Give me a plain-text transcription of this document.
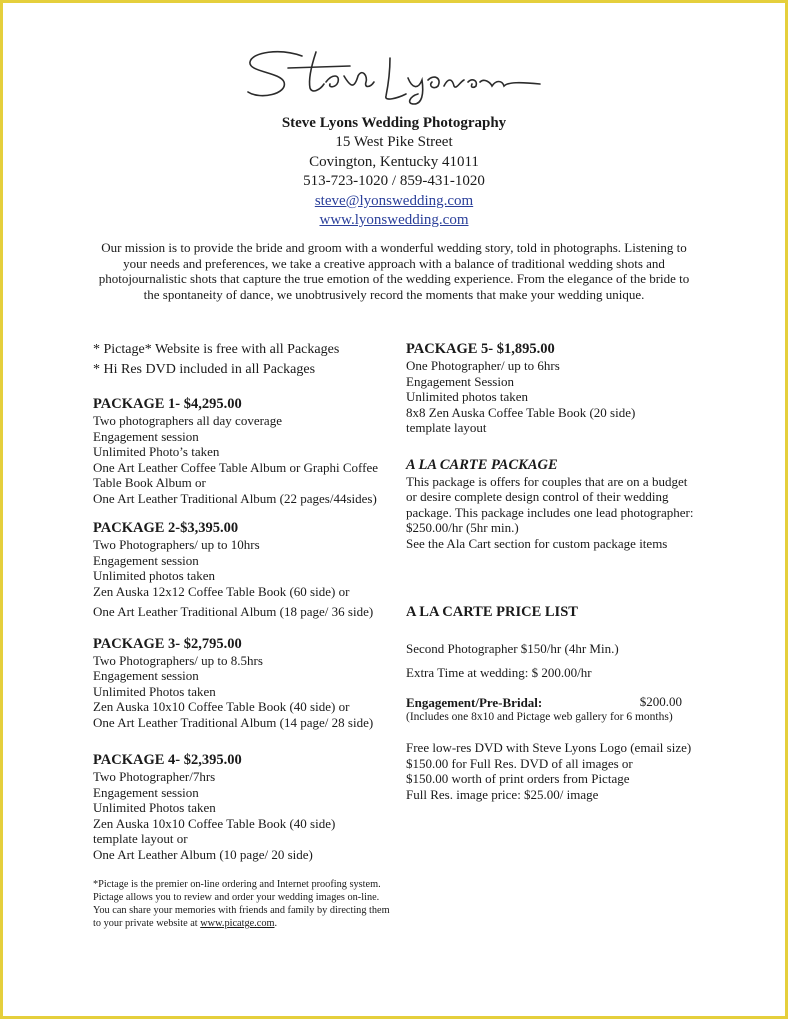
Steve Lyons Wedding Photography
15 West Pike Street
Covington, Kentucky 41011
513-723-1020 / 859-431-1020
steve@lyonswedding.com
www.lyonswedding.com
Our mission is to provide the bride and groom with a wonderful wedding story, told in photographs. Listening to your needs and preferences, we take a creative approach with a balance of traditional wedding shots and photojournalistic shots that capture the true emotion of the wedding experience. From the elegance of the bride to the spontaneity of dance, we unobtrusively record the moments that make your wedding unique.
* Pictage* Website is free with all Packages
* Hi Res DVD included in all Packages
PACKAGE 1- $4,295.00
Two photographers all day coverage
Engagement session
Unlimited Photo’s taken
One Art Leather Coffee Table Album or Graphi Coffee
Table Book Album or
One Art Leather Traditional Album (22 pages/44sides)
PACKAGE 2-$3,395.00
Two Photographers/ up to 10hrs
Engagement session
Unlimited photos taken
Zen Auska 12x12 Coffee Table Book (60 side) or
One Art Leather Traditional Album (18 page/ 36 side)
PACKAGE 3- $2,795.00
Two Photographers/ up to 8.5hrs
Engagement session
Unlimited Photos taken
Zen Auska 10x10 Coffee Table Book (40 side) or
One Art Leather Traditional Album (14 page/ 28 side)
PACKAGE 4- $2,395.00
Two Photographer/7hrs
Engagement session
Unlimited Photos taken
Zen Auska 10x10 Coffee Table Book (40 side)
template layout or
One Art Leather Album (10 page/ 20 side)
*Pictage is the premier on-line ordering and Internet proofing system. Pictage allows you to review and order your wedding images on-line. You can share your memories with friends and family by directing them to your private website at www.picatge.com.
PACKAGE 5- $1,895.00
One Photographer/ up to 6hrs
Engagement Session
Unlimited photos taken
8x8 Zen Auska Coffee Table Book (20 side)
template layout
A LA CARTE PACKAGE
This package is offers for couples that are on a budget or desire complete design control of their wedding package. This package includes one lead photographer: $250.00/hr (5hr min.)
See the Ala Cart section for custom package items
A LA CARTE PRICE LIST
Second Photographer $150/hr (4hr Min.)
Extra Time at wedding: $ 200.00/hr
Engagement/Pre-Bridal:	$200.00
(Includes one 8x10 and Pictage web gallery for 6 months)
Free low-res DVD with Steve Lyons Logo (email size)
$150.00 for Full Res. DVD of all images or
$150.00 worth of print orders from Pictage
Full Res. image price: $25.00/ image
